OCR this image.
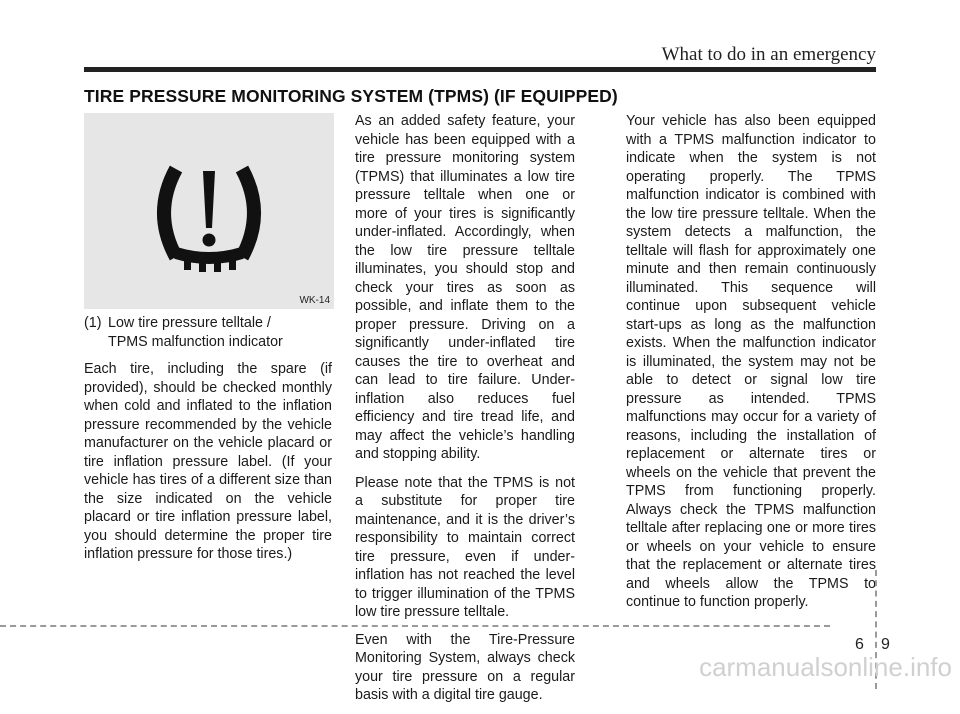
What to do in an emergency
TIRE PRESSURE MONITORING SYSTEM (TPMS) (IF EQUIPPED)
WK-14
(1) Low tire pressure telltale /
TPMS malfunction indicator

Each tire, including the spare (if provided), should be checked monthly when cold and inflated to the inflation pressure recommended by the vehicle manufacturer on the vehicle placard or tire inflation pressure label. (If your vehicle has tires of a different size than the size indicated on the vehicle placard or tire inflation pressure label, you should determine the proper tire inflation pressure for those tires.)

As an added safety feature, your vehicle has been equipped with a tire pressure monitoring system (TPMS) that illuminates a low tire pressure telltale when one or more of your tires is significantly under-inflated. Accordingly, when the low tire pressure telltale illuminates, you should stop and check your tires as soon as possible, and inflate them to the proper pressure. Driving on a significantly under-inflated tire causes the tire to overheat and can lead to tire failure. Under-inflation also reduces fuel efficiency and tire tread life, and may affect the vehicle’s handling and stopping ability.

Please note that the TPMS is not a substitute for proper tire maintenance, and it is the driver’s responsibility to maintain correct tire pressure, even if under-inflation has not reached the level to trigger illumination of the TPMS low tire pressure telltale.

Even with the Tire-Pressure Monitoring System, always check your tire pressure on a regular basis with a digital tire gauge.

Your vehicle has also been equipped with a TPMS malfunction indicator to indicate when the system is not operating properly. The TPMS malfunction indicator is combined with the low tire pressure telltale. When the system detects a malfunction, the telltale will flash for approximately one minute and then remain continuously illuminated. This sequence will continue upon subsequent vehicle start-ups as long as the malfunction exists. When the malfunction indicator is illuminated, the system may not be able to detect or signal low tire pressure as intended. TPMS malfunctions may occur for a variety of reasons, including the installation of replacement or alternate tires or wheels on the vehicle that prevent the TPMS from functioning properly. Always check the TPMS malfunction telltale after replacing one or more tires or wheels on your vehicle to ensure that the replacement or alternate tires and wheels allow the TPMS to continue to function properly.

6 9
carmanualsonline.info
